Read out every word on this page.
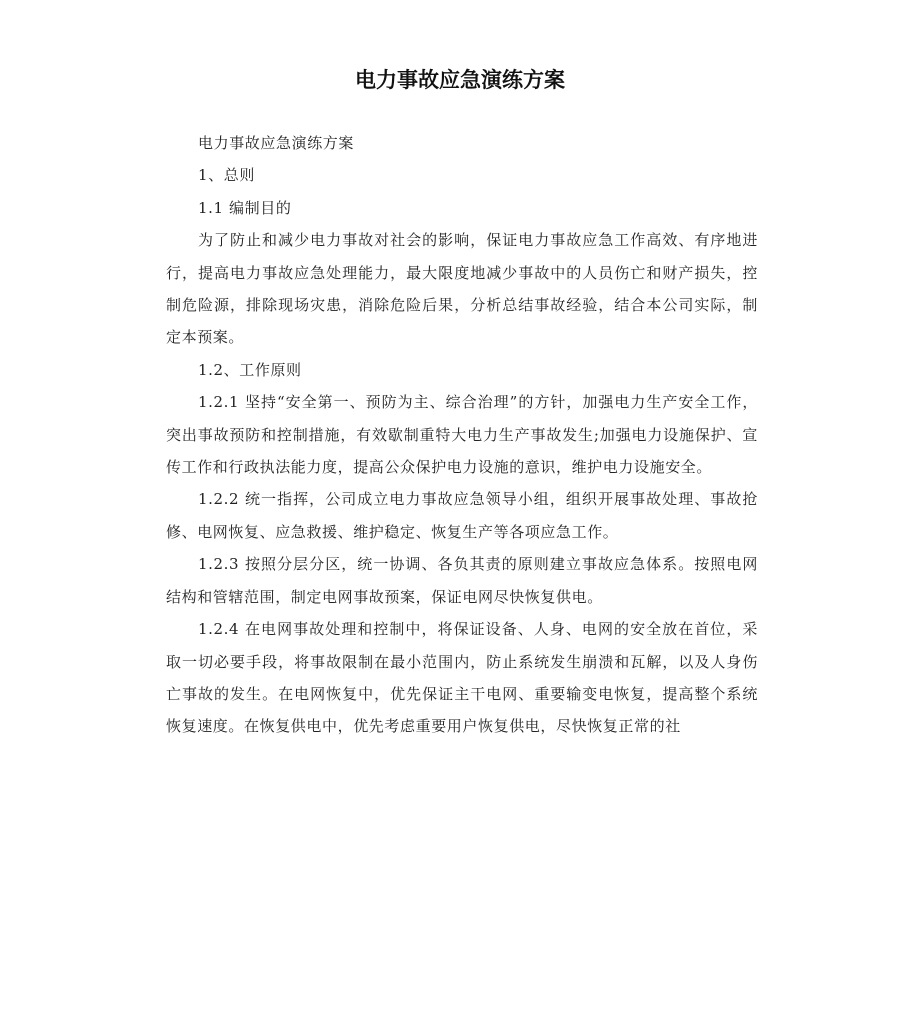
电力事故应急演练方案

电力事故应急演练方案

1、总则

1.1 编制目的

为了防止和减少电力事故对社会的影响，保证电力事故应急工作高效、有序地进行，提高电力事故应急处理能力，最大限度地减少事故中的人员伤亡和财产损失，控制危险源，排除现场灾患，消除危险后果，分析总结事故经验，结合本公司实际，制定本预案。

1.2、工作原则

1.2.1 坚持“安全第一、预防为主、综合治理”的方针，加强电力生产安全工作，突出事故预防和控制措施，有效歇制重特大电力生产事故发生;加强电力设施保护、宣传工作和行政执法能力度，提高公众保护电力设施的意识，维护电力设施安全。

1.2.2 统一指挥，公司成立电力事故应急领导小组，组织开展事故处理、事故抢修、电网恢复、应急救援、维护稳定、恢复生产等各项应急工作。

1.2.3 按照分层分区，统一协调、各负其责的原则建立事故应急体系。按照电网结构和管辖范围，制定电网事故预案，保证电网尽快恢复供电。

1.2.4 在电网事故处理和控制中，将保证设备、人身、电网的安全放在首位，采取一切必要手段，将事故限制在最小范围内，防止系统发生崩溃和瓦解，以及人身伤亡事故的发生。在电网恢复中，优先保证主干电网、重要输变电恢复，提高整个系统恢复速度。在恢复供电中，优先考虑重要用户恢复供电，尽快恢复正常的社
